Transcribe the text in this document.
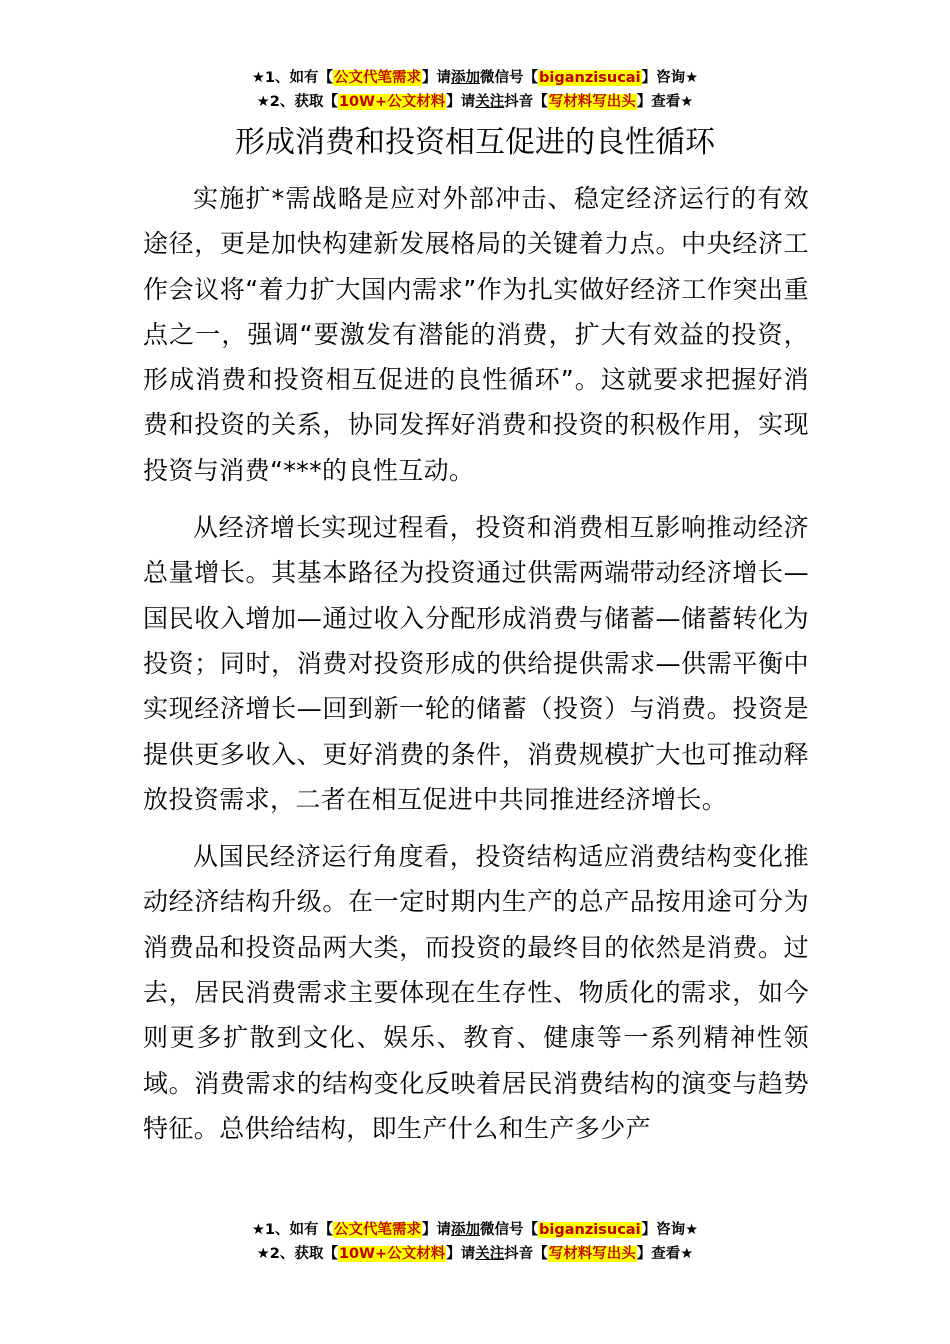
★1、如有【公文代笔需求】请添加微信号【biganzisucai】咨询★
★2、获取【10W+公文材料】请关注抖音【写材料写出头】查看★
形成消费和投资相互促进的良性循环

实施扩*需战略是应对外部冲击、稳定经济运行的有效途径，更是加快构建新发展格局的关键着力点。中央经济工作会议将“着力扩大国内需求”作为扎实做好经济工作突出重点之一，强调“要激发有潜能的消费，扩大有效益的投资，形成消费和投资相互促进的良性循环”。这就要求把握好消费和投资的关系，协同发挥好消费和投资的积极作用，实现投资与消费“***的良性互动。

从经济增长实现过程看，投资和消费相互影响推动经济总量增长。其基本路径为投资通过供需两端带动经济增长—国民收入增加—通过收入分配形成消费与储蓄—储蓄转化为投资；同时，消费对投资形成的供给提供需求—供需平衡中实现经济增长—回到新一轮的储蓄（投资）与消费。投资是提供更多收入、更好消费的条件，消费规模扩大也可推动释放投资需求，二者在相互促进中共同推进经济增长。

从国民经济运行角度看，投资结构适应消费结构变化推动经济结构升级。在一定时期内生产的总产品按用途可分为消费品和投资品两大类，而投资的最终目的依然是消费。过去，居民消费需求主要体现在生存性、物质化的需求，如今则更多扩散到文化、娱乐、教育、健康等一系列精神性领域。消费需求的结构变化反映着居民消费结构的演变与趋势特征。总供给结构，即生产什么和生产多少产

★1、如有【公文代笔需求】请添加微信号【biganzisucai】咨询★
★2、获取【10W+公文材料】请关注抖音【写材料写出头】查看★
